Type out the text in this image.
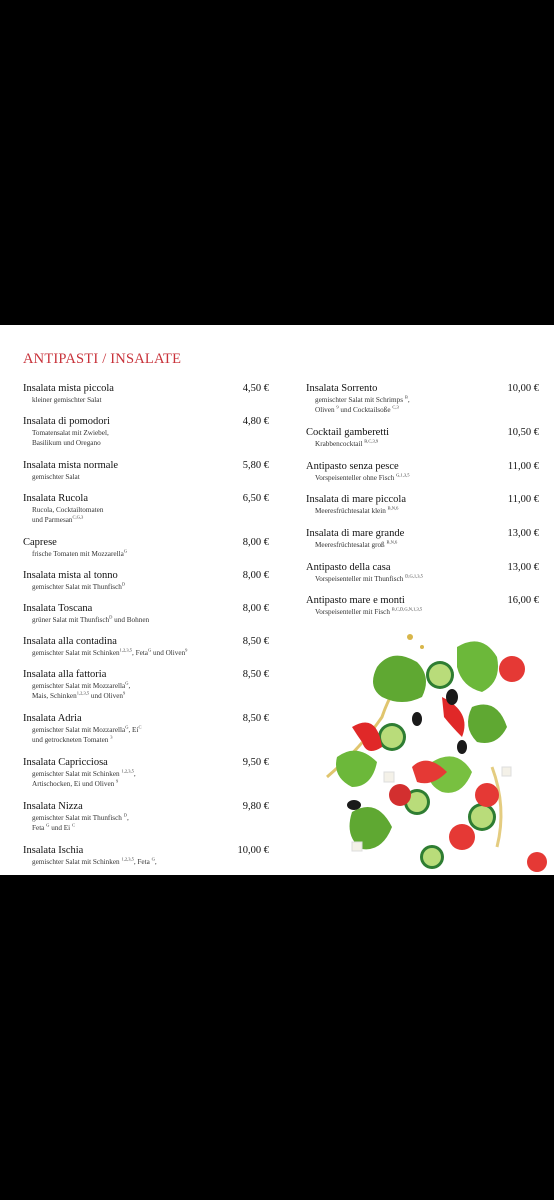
ANTIPASTI / INSALATE
Insalata mista piccola	4,50 €
kleiner gemischter Salat
Insalata di pomodori	4,80 €
Tomatensalat mit Zwiebel,
Basilikum und Oregano
Insalata mista normale	5,80 €
gemischter Salat
Insalata Rucola	6,50 €
Rucola, Cocktailtomaten
und Parmesan$^{C,G,3}$
Caprese	8,00 €
frische Tomaten mit Mozzarella$^G$
Insalata mista al tonno	8,00 €
gemischter Salat mit Thunfisch$^D$
Insalata Toscana	8,00 €
grüner Salat mit Thunfisch$^D$ und Bohnen
Insalata alla contadina	8,50 €
gemischter Salat mit Schinken$^{1,2,3,5}$, Feta$^G$ und Oliven$^9$
Insalata alla fattoria	8,50 €
gemischter Salat mit Mozzarella$^G$,
Mais, Schinken$^{1,2,3,5}$ und Oliven$^9$
Insalata Adria	8,50 €
gemischter Salat mit Mozzarella$^G$, $Ei^C$
und getrockneten Tomaten $^3$
Insalata Capricciosa	9,50 €
gemischter Salat mit Schinken $^{1,2,3,5}$,
Artischocken, Ei und Oliven $^9$
Insalata Nizza	9,80 €
gemischter Salat mit Thunfisch $^D$,
Feta $^G$ und Ei $^C$
Insalata Ischia	10,00 €
gemischter Salat mit Schinken $^{1,2,3,5}$, Feta $^G$,
Insalata Sorrento	10,00 €
gemischter Salat mit Schrimps $^B$,
Oliven $^9$ und Cocktailsoße $^{C,3}$
Cocktail gamberetti	10,50 €
Krabbencocktail $^{B,C,3,9}$
Antipasto senza pesce	11,00 €
Vorspeisenteller ohne Fisch $^{G,1,3,5}$
Insalata di mare piccola	11,00 €
Meeresfrüchtesalat klein $^{B,N,6}$
Insalata di mare grande	13,00 €
Meeresfrüchtesalat groß $^{B,N,6}$
Antipasto della casa	13,00 €
Vorspeisenteller mit Thunfisch $^{D,G,1,3,5}$
Antipasto mare e monti	16,00 €
Vorspeisenteller mit Fisch $^{B,C,D,G,N,1,3,5}$
